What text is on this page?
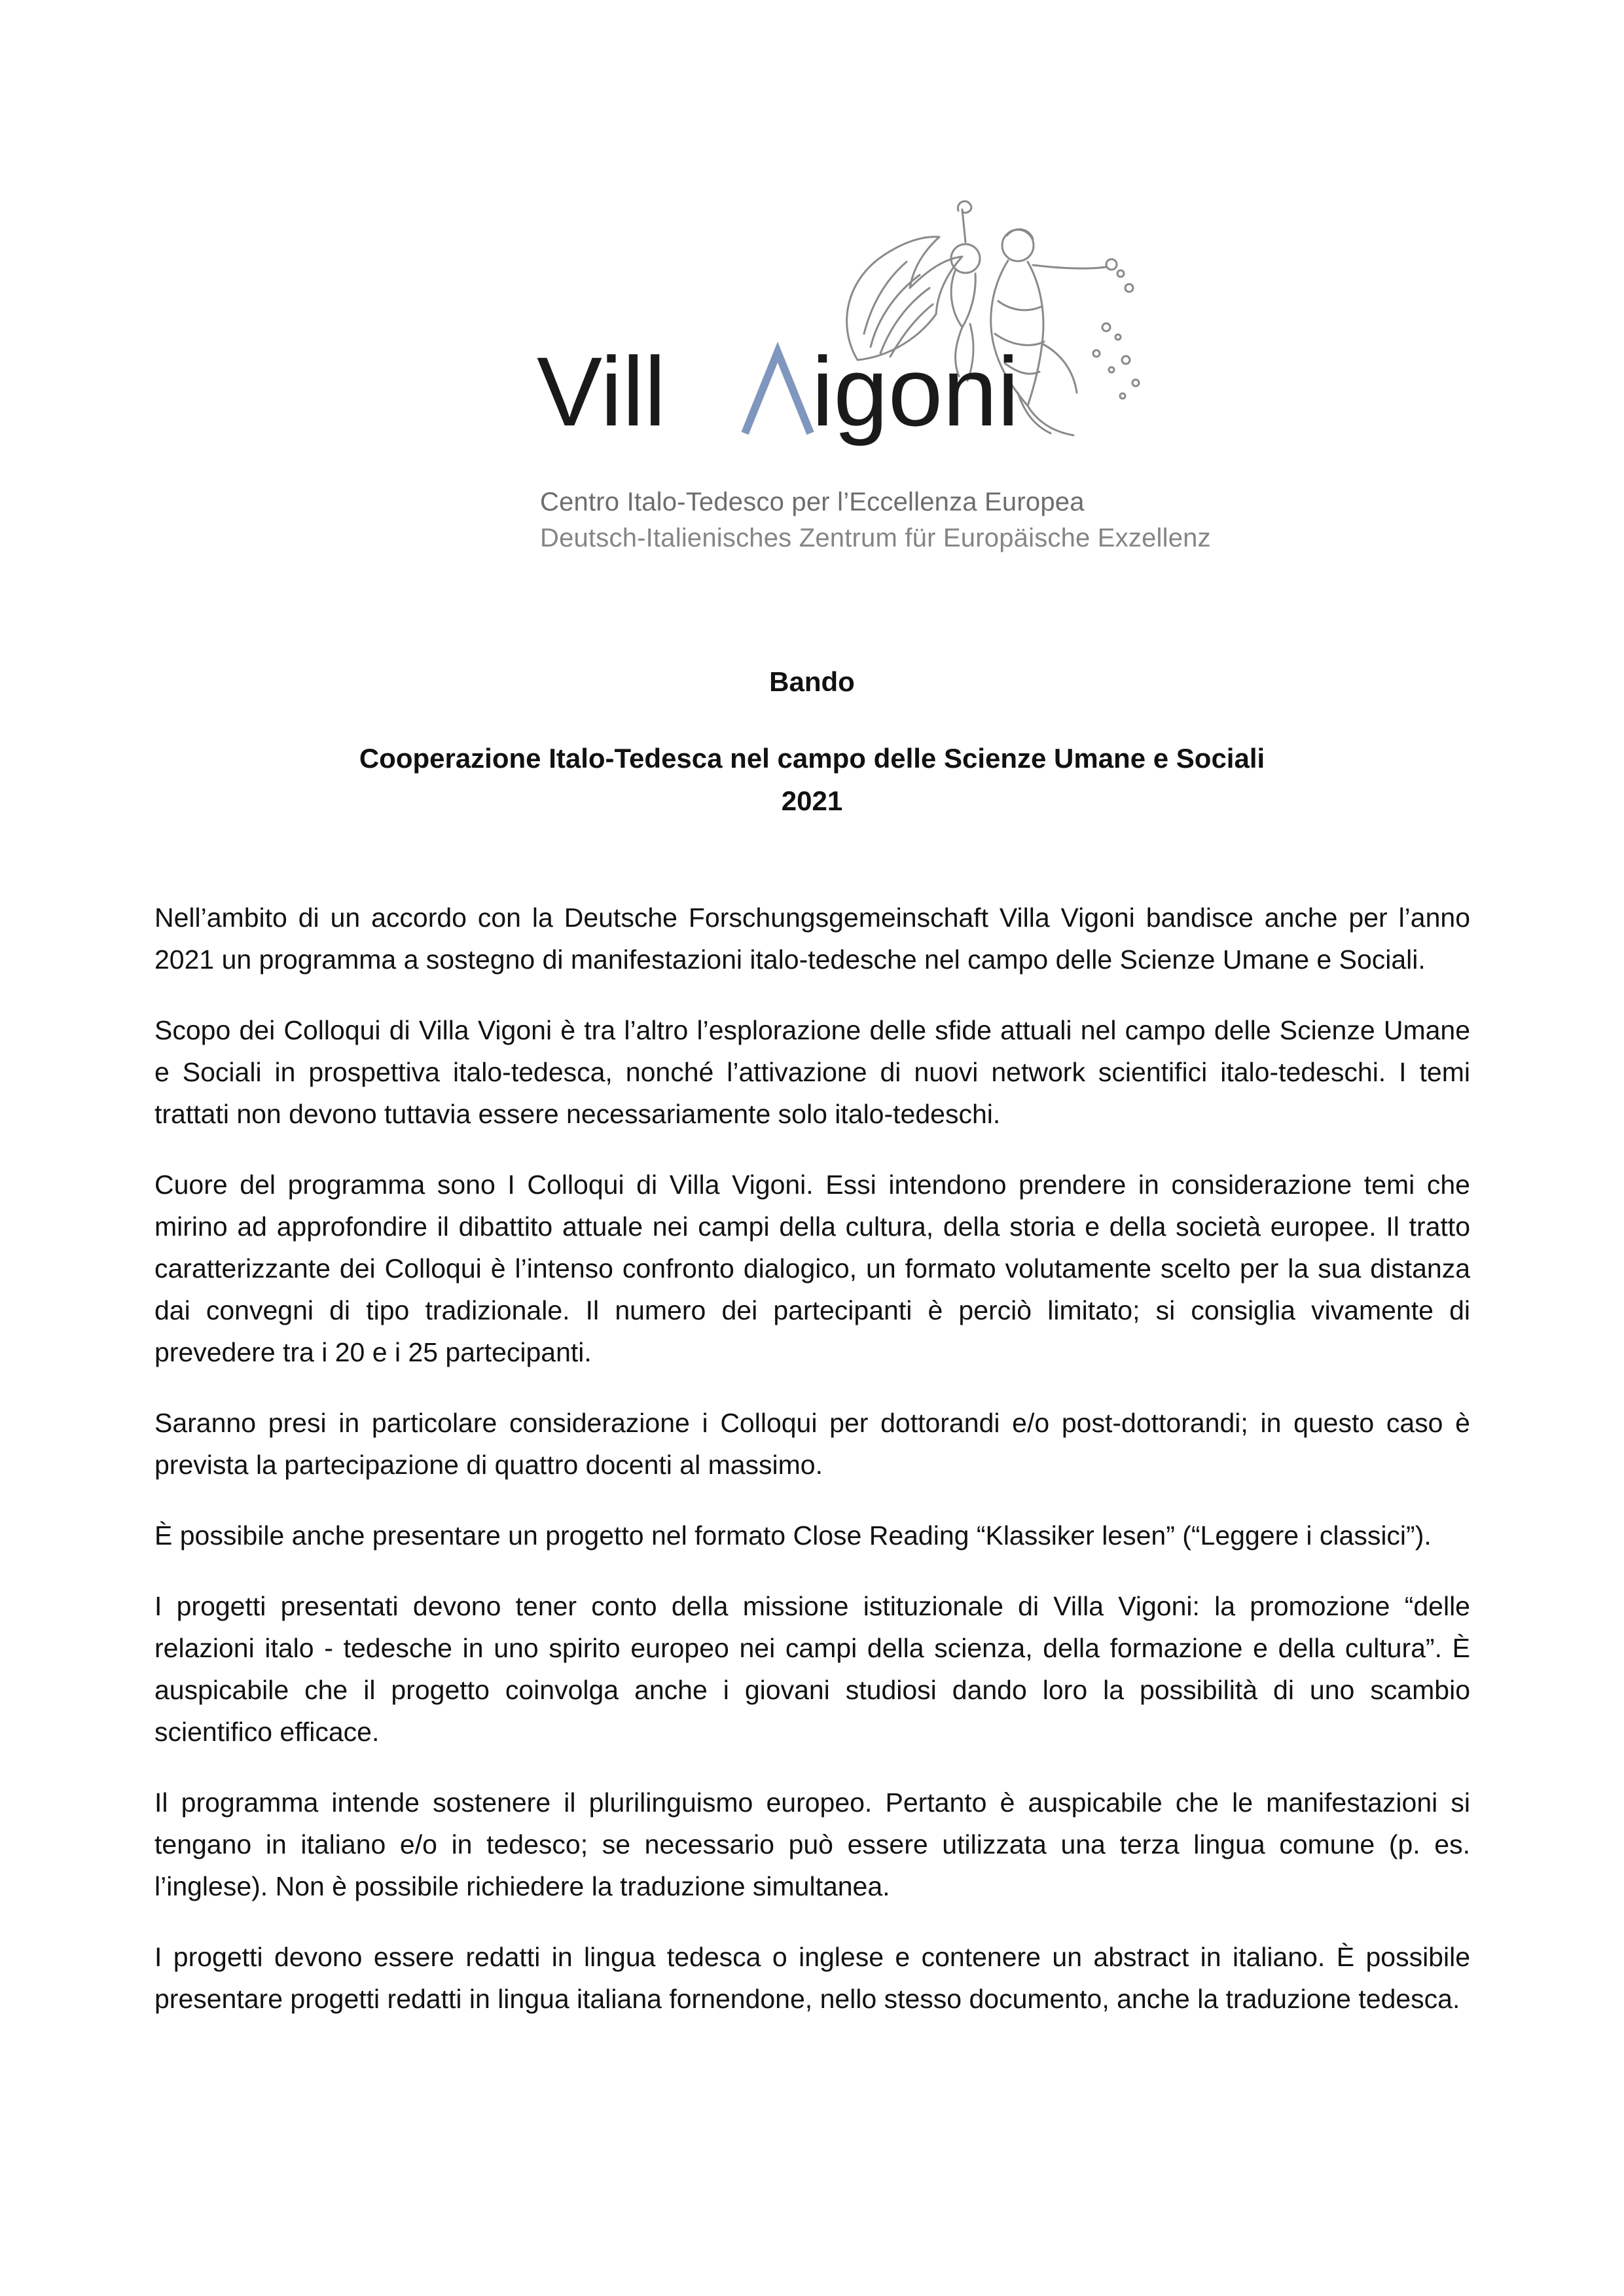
Vill igoni
Centro Italo-Tedesco per l’Eccellenza Europea
Deutsch-Italienisches Zentrum für Europäische Exzellenz
Bando
Cooperazione Italo-Tedesca nel campo delle Scienze Umane e Sociali
2021

Nell’ambito di un accordo con la Deutsche Forschungsgemeinschaft Villa Vigoni bandisce anche per l’anno 2021 un programma a sostegno di manifestazioni italo-tedesche nel campo delle Scienze Umane e Sociali.

Scopo dei Colloqui di Villa Vigoni è tra l’altro l’esplorazione delle sfide attuali nel campo delle Scienze Umane e Sociali in prospettiva italo-tedesca, nonché l’attivazione di nuovi network scientifici italo-tedeschi. I temi trattati non devono tuttavia essere necessariamente solo italo-tedeschi.

Cuore del programma sono I Colloqui di Villa Vigoni. Essi intendono prendere in considerazione temi che mirino ad approfondire il dibattito attuale nei campi della cultura, della storia e della società europee. Il tratto caratterizzante dei Colloqui è l’intenso confronto dialogico, un formato volutamente scelto per la sua distanza dai convegni di tipo tradizionale. Il numero dei partecipanti è perciò limitato; si consiglia vivamente di prevedere tra i 20 e i 25 partecipanti.

Saranno presi in particolare considerazione i Colloqui per dottorandi e/o post-dottorandi; in questo caso è prevista la partecipazione di quattro docenti al massimo.

È possibile anche presentare un progetto nel formato Close Reading “Klassiker lesen” (“Leggere i classici”).

I progetti presentati devono tener conto della missione istituzionale di Villa Vigoni: la promozione “delle relazioni italo - tedesche in uno spirito europeo nei campi della scienza, della formazione e della cultura”. È auspicabile che il progetto coinvolga anche i giovani studiosi dando loro la possibilità di uno scambio scientifico efficace.

Il programma intende sostenere il plurilinguismo europeo. Pertanto è auspicabile che le manifestazioni si tengano in italiano e/o in tedesco; se necessario può essere utilizzata una terza lingua comune (p. es. l’inglese). Non è possibile richiedere la traduzione simultanea.

I progetti devono essere redatti in lingua tedesca o inglese e contenere un abstract in italiano. È possibile presentare progetti redatti in lingua italiana fornendone, nello stesso documento, anche la traduzione tedesca.
